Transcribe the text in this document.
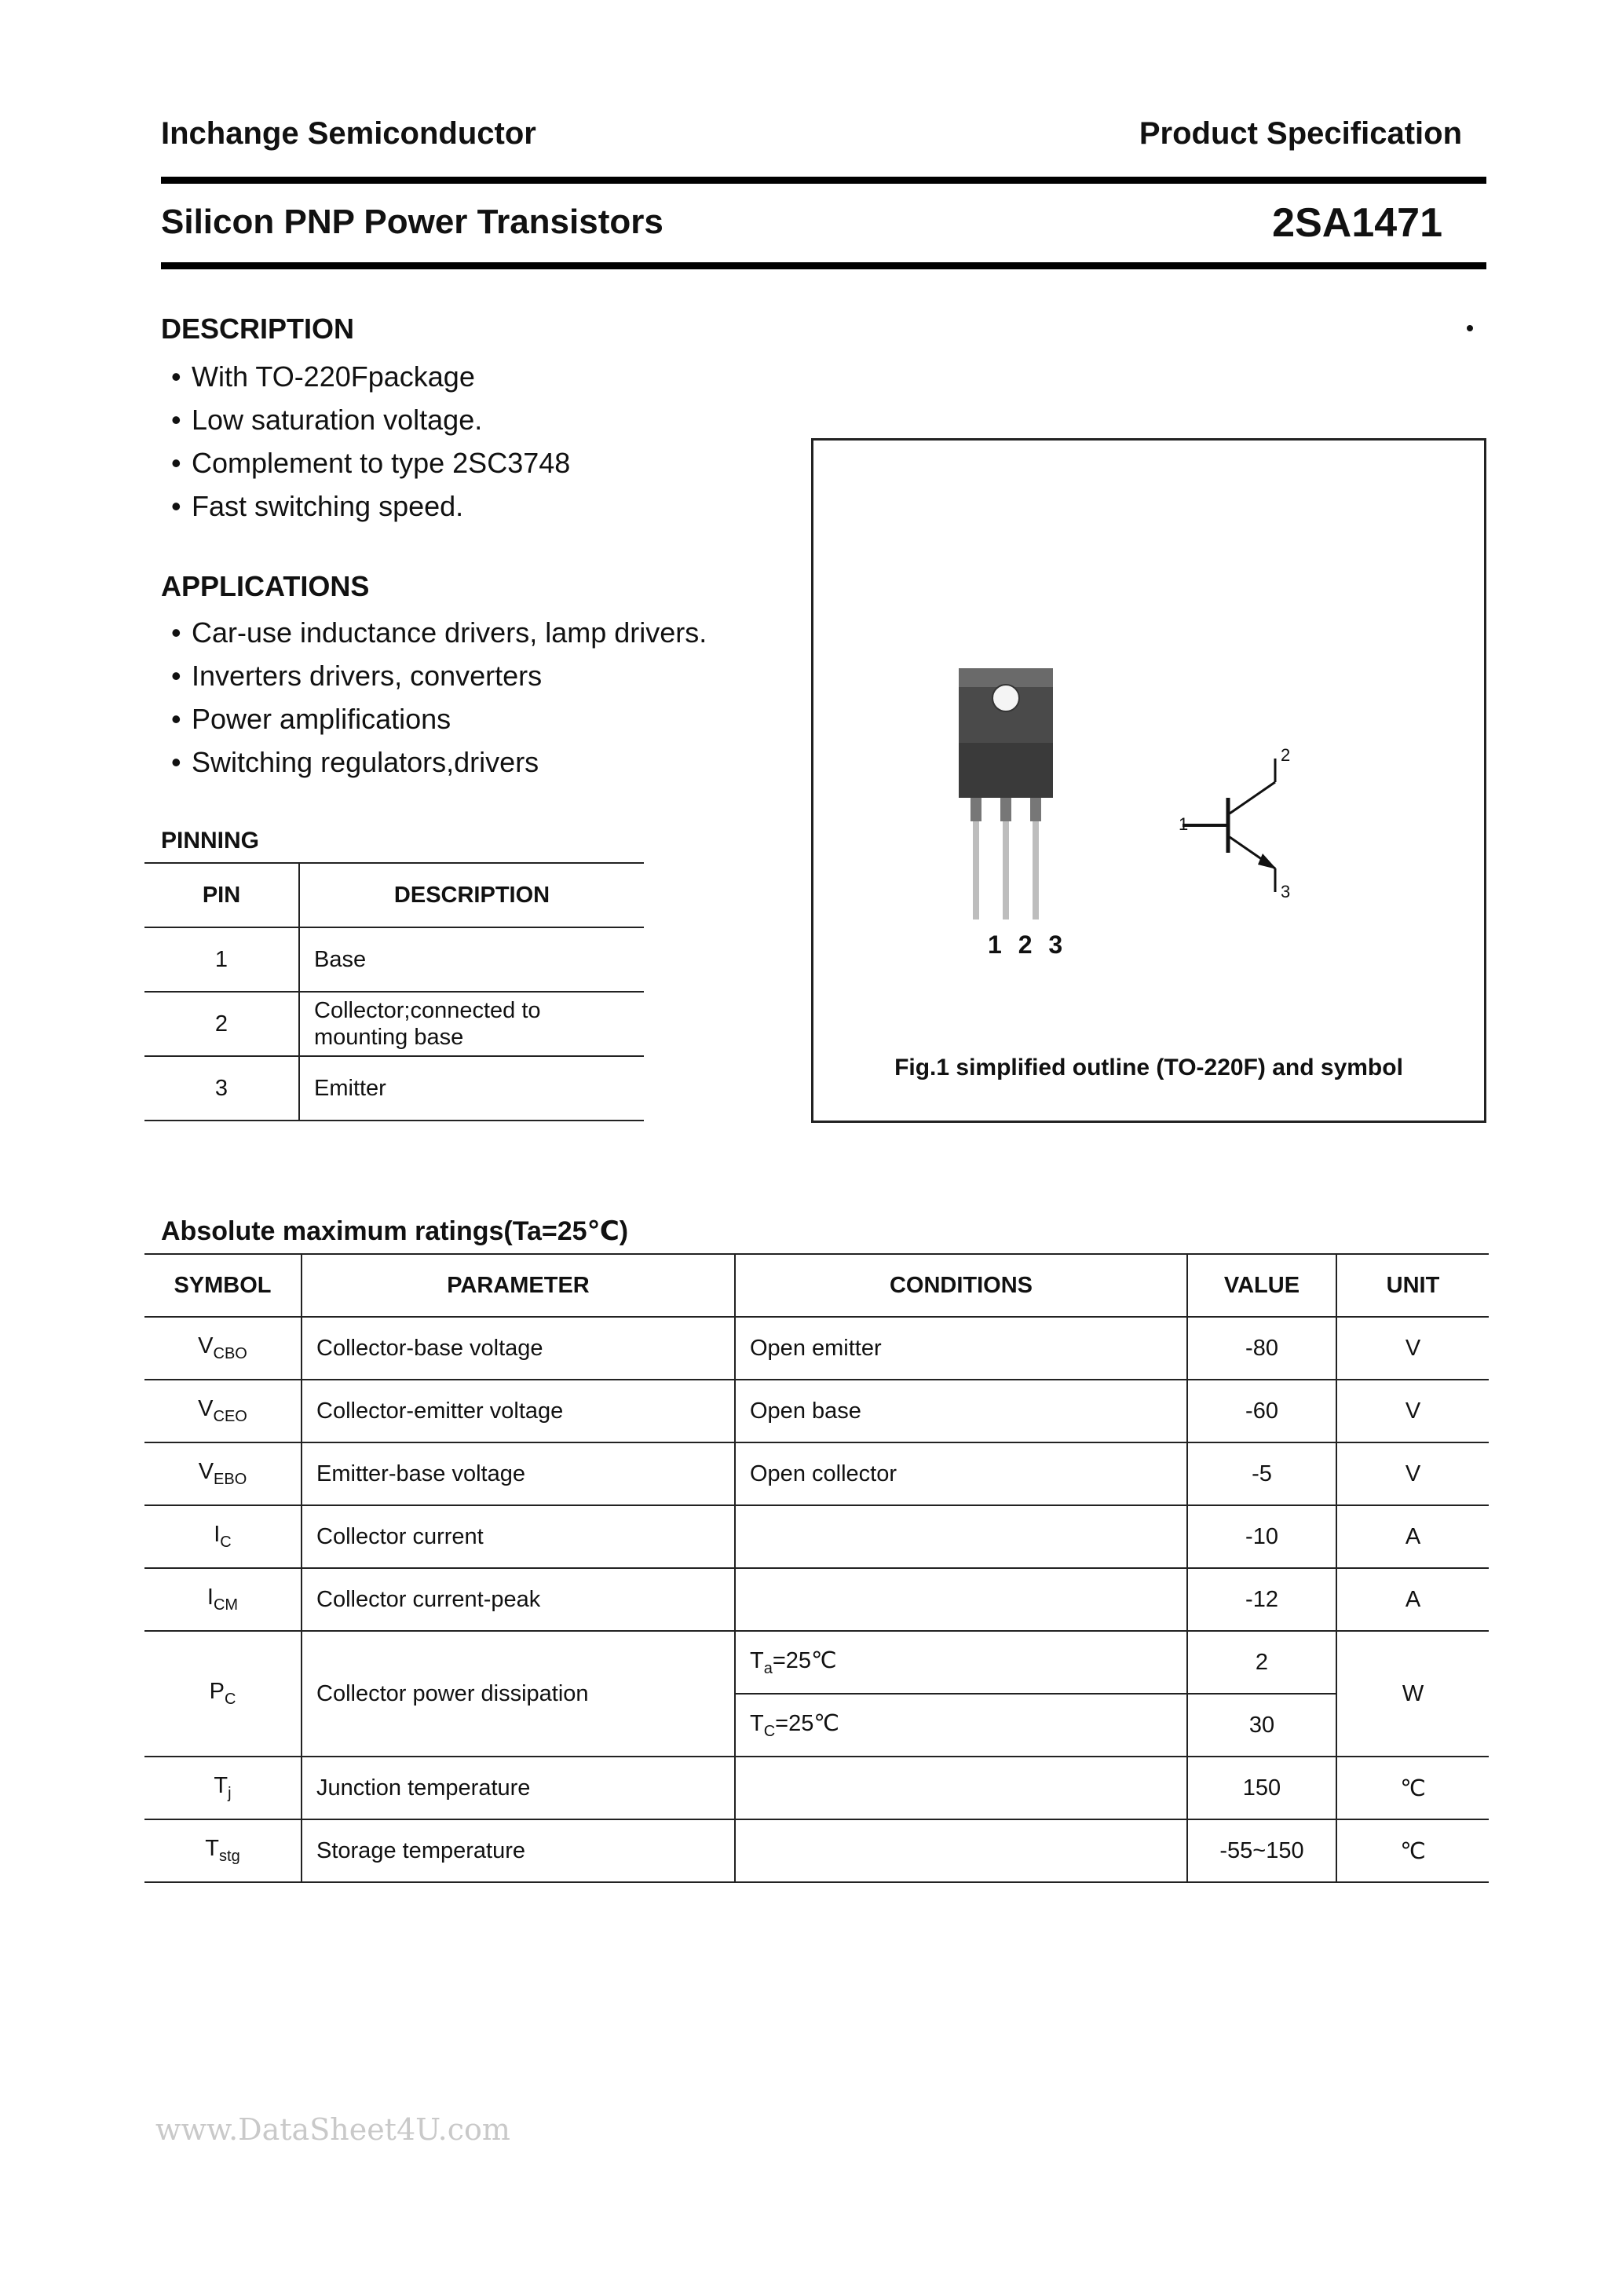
Inchange Semiconductor	Product Specification
Silicon PNP Power Transistors	2SA1471
DESCRIPTION
• With TO-220Fpackage
• Low saturation voltage.
• Complement to type 2SC3748
• Fast switching speed.
APPLICATIONS
• Car-use inductance drivers, lamp drivers.
• Inverters drivers, converters
• Power amplifications
• Switching regulators,drivers
PINNING
PIN	DESCRIPTION
1	Base
2	Collector;connected to
mounting base
3	Emitter
1 2 3
1
2
3
Fig.1 simplified outline (TO-220F) and symbol
Absolute maximum ratings(Ta=25℃)
SYMBOL	PARAMETER	CONDITIONS	VALUE	UNIT
$V_{CBO}$	Collector-base voltage	Open emitter	-80	V
$V_{CEO}$	Collector-emitter voltage	Open base	-60	V
$V_{EBO}$	Emitter-base voltage	Open collector	-5	V
$I_C$	Collector current		-10	A
$I_{CM}$	Collector current-peak		-12	A
$P_C$	Collector power dissipation	$T_a=25℃$	2	W
		$T_C=25℃$	30	
$T_j$	Junction temperature		150	℃
$T_{stg}$	Storage temperature		-55~150	℃
www.DataSheet4U.com
